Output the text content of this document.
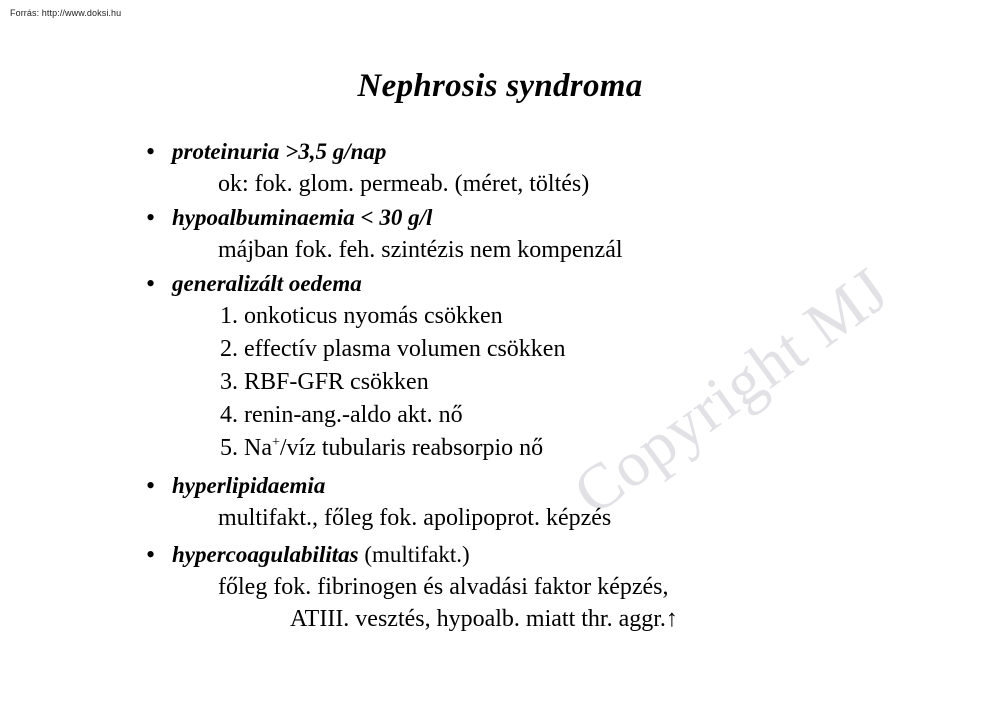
Forrás: http://www.doksi.hu
Copyright MJ
Nephrosis syndroma
• proteinuria >3,5 g/nap
ok: fok. glom. permeab. (méret, töltés)
• hypoalbuminaemia < 30 g/l
májban fok. feh. szintézis nem kompenzál
• generalizált oedema
1. onkoticus nyomás csökken
2. effectív plasma volumen csökken
3. RBF-GFR csökken
4. renin-ang.-aldo akt. nő
5. Na+/víz tubularis reabsorpio nő
• hyperlipidaemia
multifakt., főleg fok. apolipoprot. képzés
• hypercoagulabilitas (multifakt.)
főleg fok. fibrinogen és alvadási faktor képzés,
ATIII. vesztés, hypoalb. miatt thr. aggr.↑
